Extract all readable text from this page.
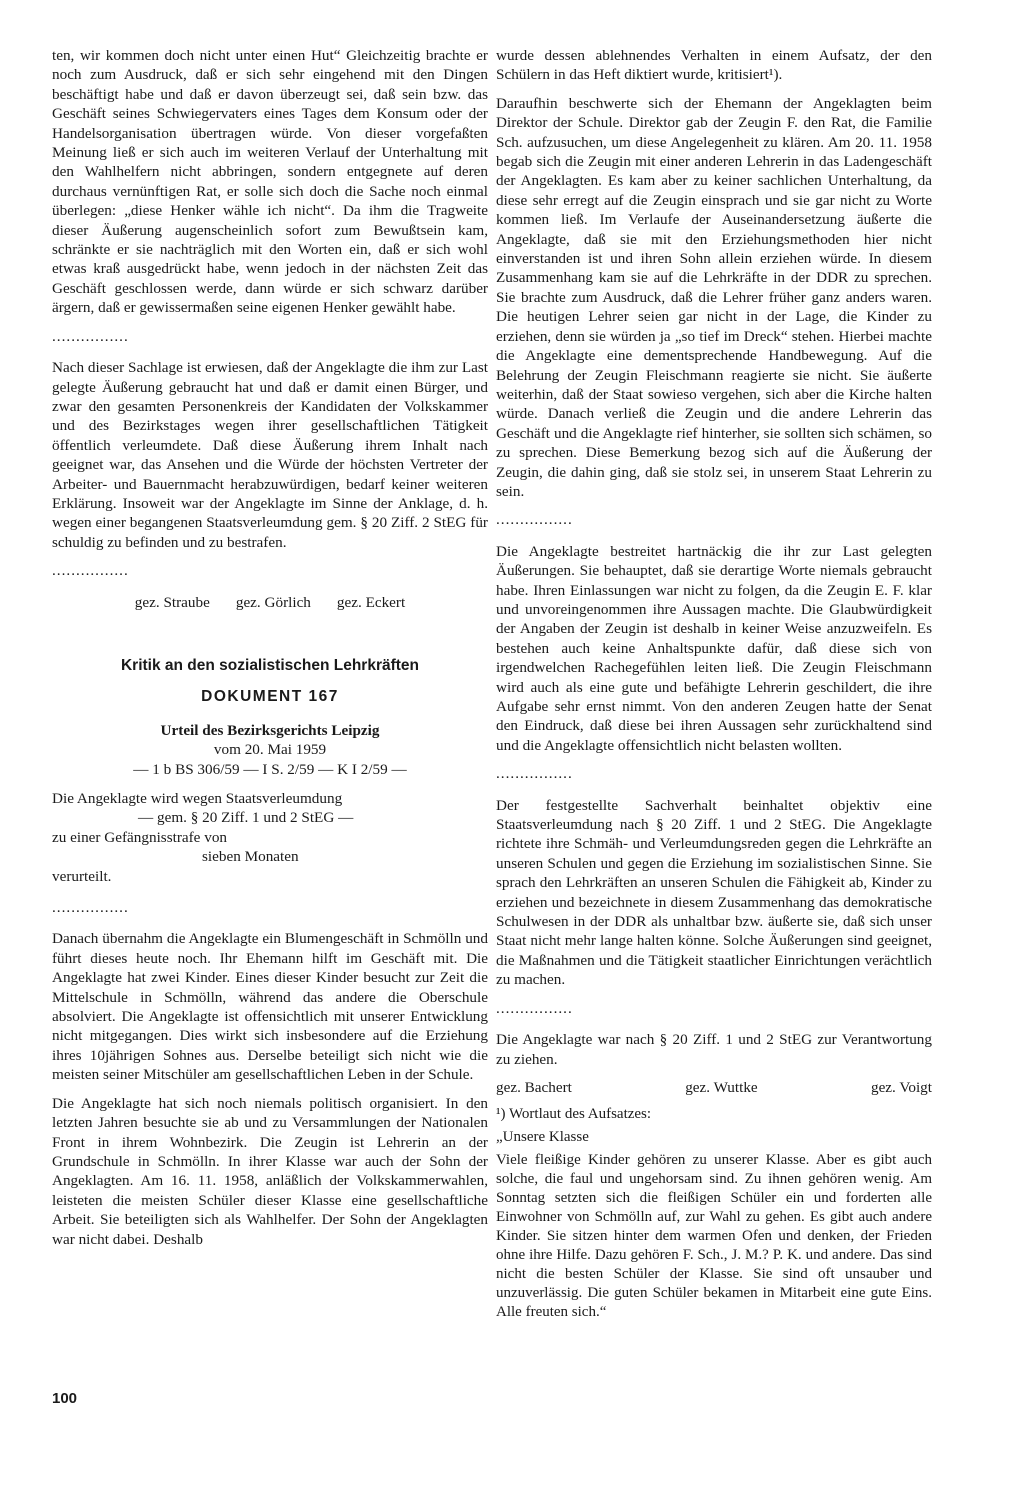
ten, wir kommen doch nicht unter einen Hut“ Gleichzeitig brachte er noch zum Ausdruck, daß er sich sehr eingehend mit den Dingen beschäftigt habe und daß er davon überzeugt sei, daß sein bzw. das Geschäft seines Schwiegervaters eines Tages dem Konsum oder der Handelsorganisation übertragen würde. Von dieser vorgefaßten Meinung ließ er sich auch im weiteren Verlauf der Unterhaltung mit den Wahlhelfern nicht abbringen, sondern entgegnete auf deren durchaus vernünftigen Rat, er solle sich doch die Sache noch einmal überlegen: „diese Henker wähle ich nicht“. Da ihm die Tragweite dieser Äußerung augenscheinlich sofort zum Bewußtsein kam, schränkte er sie nachträglich mit den Worten ein, daß er sich wohl etwas kraß ausgedrückt habe, wenn jedoch in der nächsten Zeit das Geschäft geschlossen werde, dann würde er sich schwarz darüber ärgern, daß er gewissermaßen seine eigenen Henker gewählt habe.

................

Nach dieser Sachlage ist erwiesen, daß der Angeklagte die ihm zur Last gelegte Äußerung gebraucht hat und daß er damit einen Bürger, und zwar den gesamten Personenkreis der Kandidaten der Volkskammer und des Bezirkstages wegen ihrer gesellschaftlichen Tätigkeit öffentlich verleumdete. Daß diese Äußerung ihrem Inhalt nach geeignet war, das Ansehen und die Würde der höchsten Vertreter der Arbeiter- und Bauernmacht herabzuwürdigen, bedarf keiner weiteren Erklärung. Insoweit war der Angeklagte im Sinne der Anklage, d. h. wegen einer begangenen Staatsverleumdung gem. § 20 Ziff. 2 StEG für schuldig zu befinden und zu bestrafen.

................
gez. Straube gez. Görlich gez. Eckert
Kritik an den sozialistischen Lehrkräften
DOKUMENT 167
Urteil des Bezirksgerichts Leipzig
vom 20. Mai 1959
— 1 b BS 306/59 — I S. 2/59 — K I 2/59 —
Die Angeklagte wird wegen Staatsverleumdung
— gem. § 20 Ziff. 1 und 2 StEG —
zu einer Gefängnisstrafe von
sieben Monaten
verurteilt.
................

Danach übernahm die Angeklagte ein Blumengeschäft in Schmölln und führt dieses heute noch. Ihr Ehemann hilft im Geschäft mit. Die Angeklagte hat zwei Kinder. Eines dieser Kinder besucht zur Zeit die Mittelschule in Schmölln, während das andere die Oberschule absolviert. Die Angeklagte ist offensichtlich mit unserer Entwicklung nicht mitgegangen. Dies wirkt sich insbesondere auf die Erziehung ihres 10jährigen Sohnes aus. Derselbe beteiligt sich nicht wie die meisten seiner Mitschüler am gesellschaftlichen Leben in der Schule.

Die Angeklagte hat sich noch niemals politisch organisiert. In den letzten Jahren besuchte sie ab und zu Versammlungen der Nationalen Front in ihrem Wohnbezirk. Die Zeugin ist Lehrerin an der Grundschule in Schmölln. In ihrer Klasse war auch der Sohn der Angeklagten. Am 16. 11. 1958, anläßlich der Volkskammerwahlen, leisteten die meisten Schüler dieser Klasse eine gesellschaftliche Arbeit. Sie beteiligten sich als Wahlhelfer. Der Sohn der Angeklagten war nicht dabei. Deshalb

wurde dessen ablehnendes Verhalten in einem Aufsatz, der den Schülern in das Heft diktiert wurde, kritisiert¹).

Daraufhin beschwerte sich der Ehemann der Angeklagten beim Direktor der Schule. Direktor gab der Zeugin F. den Rat, die Familie Sch. aufzusuchen, um diese Angelegenheit zu klären. Am 20. 11. 1958 begab sich die Zeugin mit einer anderen Lehrerin in das Ladengeschäft der Angeklagten. Es kam aber zu keiner sachlichen Unterhaltung, da diese sehr erregt auf die Zeugin einsprach und sie gar nicht zu Worte kommen ließ. Im Verlaufe der Auseinandersetzung äußerte die Angeklagte, daß sie mit den Erziehungsmethoden hier nicht einverstanden ist und ihren Sohn allein erziehen würde. In diesem Zusammenhang kam sie auf die Lehrkräfte in der DDR zu sprechen. Sie brachte zum Ausdruck, daß die Lehrer früher ganz anders waren. Die heutigen Lehrer seien gar nicht in der Lage, die Kinder zu erziehen, denn sie würden ja „so tief im Dreck“ stehen. Hierbei machte die Angeklagte eine dementsprechende Handbewegung. Auf die Belehrung der Zeugin Fleischmann reagierte sie nicht. Sie äußerte weiterhin, daß der Staat sowieso vergehen, sich aber die Kirche halten würde. Danach verließ die Zeugin und die andere Lehrerin das Geschäft und die Angeklagte rief hinterher, sie sollten sich schämen, so zu sprechen. Diese Bemerkung bezog sich auf die Äußerung der Zeugin, die dahin ging, daß sie stolz sei, in unserem Staat Lehrerin zu sein.

................

Die Angeklagte bestreitet hartnäckig die ihr zur Last gelegten Äußerungen. Sie behauptet, daß sie derartige Worte niemals gebraucht habe. Ihren Einlassungen war nicht zu folgen, da die Zeugin E. F. klar und unvoreingenommen ihre Aussagen machte. Die Glaubwürdigkeit der Angaben der Zeugin ist deshalb in keiner Weise anzuzweifeln. Es bestehen auch keine Anhaltspunkte dafür, daß diese sich von irgendwelchen Rachegefühlen leiten ließ. Die Zeugin Fleischmann wird auch als eine gute und befähigte Lehrerin geschildert, die ihre Aufgabe sehr ernst nimmt. Von den anderen Zeugen hatte der Senat den Eindruck, daß diese bei ihren Aussagen sehr zurückhaltend sind und die Angeklagte offensichtlich nicht belasten wollten.

................

Der festgestellte Sachverhalt beinhaltet objektiv eine Staatsverleumdung nach § 20 Ziff. 1 und 2 StEG. Die Angeklagte richtete ihre Schmäh- und Verleumdungsreden gegen die Lehrkräfte an unseren Schulen und gegen die Erziehung im sozialistischen Sinne. Sie sprach den Lehrkräften an unseren Schulen die Fähigkeit ab, Kinder zu erziehen und bezeichnete in diesem Zusammenhang das demokratische Schulwesen in der DDR als unhaltbar bzw. äußerte sie, daß sich unser Staat nicht mehr lange halten könne. Solche Äußerungen sind geeignet, die Maßnahmen und die Tätigkeit staatlicher Einrichtungen verächtlich zu machen.

................

Die Angeklagte war nach § 20 Ziff. 1 und 2 StEG zur Verantwortung zu ziehen.

gez. Bachert	gez. Wuttke	gez. Voigt

¹) Wortlaut des Aufsatzes:

„Unsere Klasse

Viele fleißige Kinder gehören zu unserer Klasse. Aber es gibt auch solche, die faul und ungehorsam sind. Zu ihnen gehören wenig. Am Sonntag setzten sich die fleißigen Schüler ein und forderten alle Einwohner von Schmölln auf, zur Wahl zu gehen. Es gibt auch andere Kinder. Sie sitzen hinter dem warmen Ofen und denken, der Frieden ohne ihre Hilfe. Dazu gehören F. Sch., J. M.? P. K. und andere. Das sind nicht die besten Schüler der Klasse. Sie sind oft unsauber und unzuverlässig. Die guten Schüler bekamen in Mitarbeit eine gute Eins. Alle freuten sich.“

100
